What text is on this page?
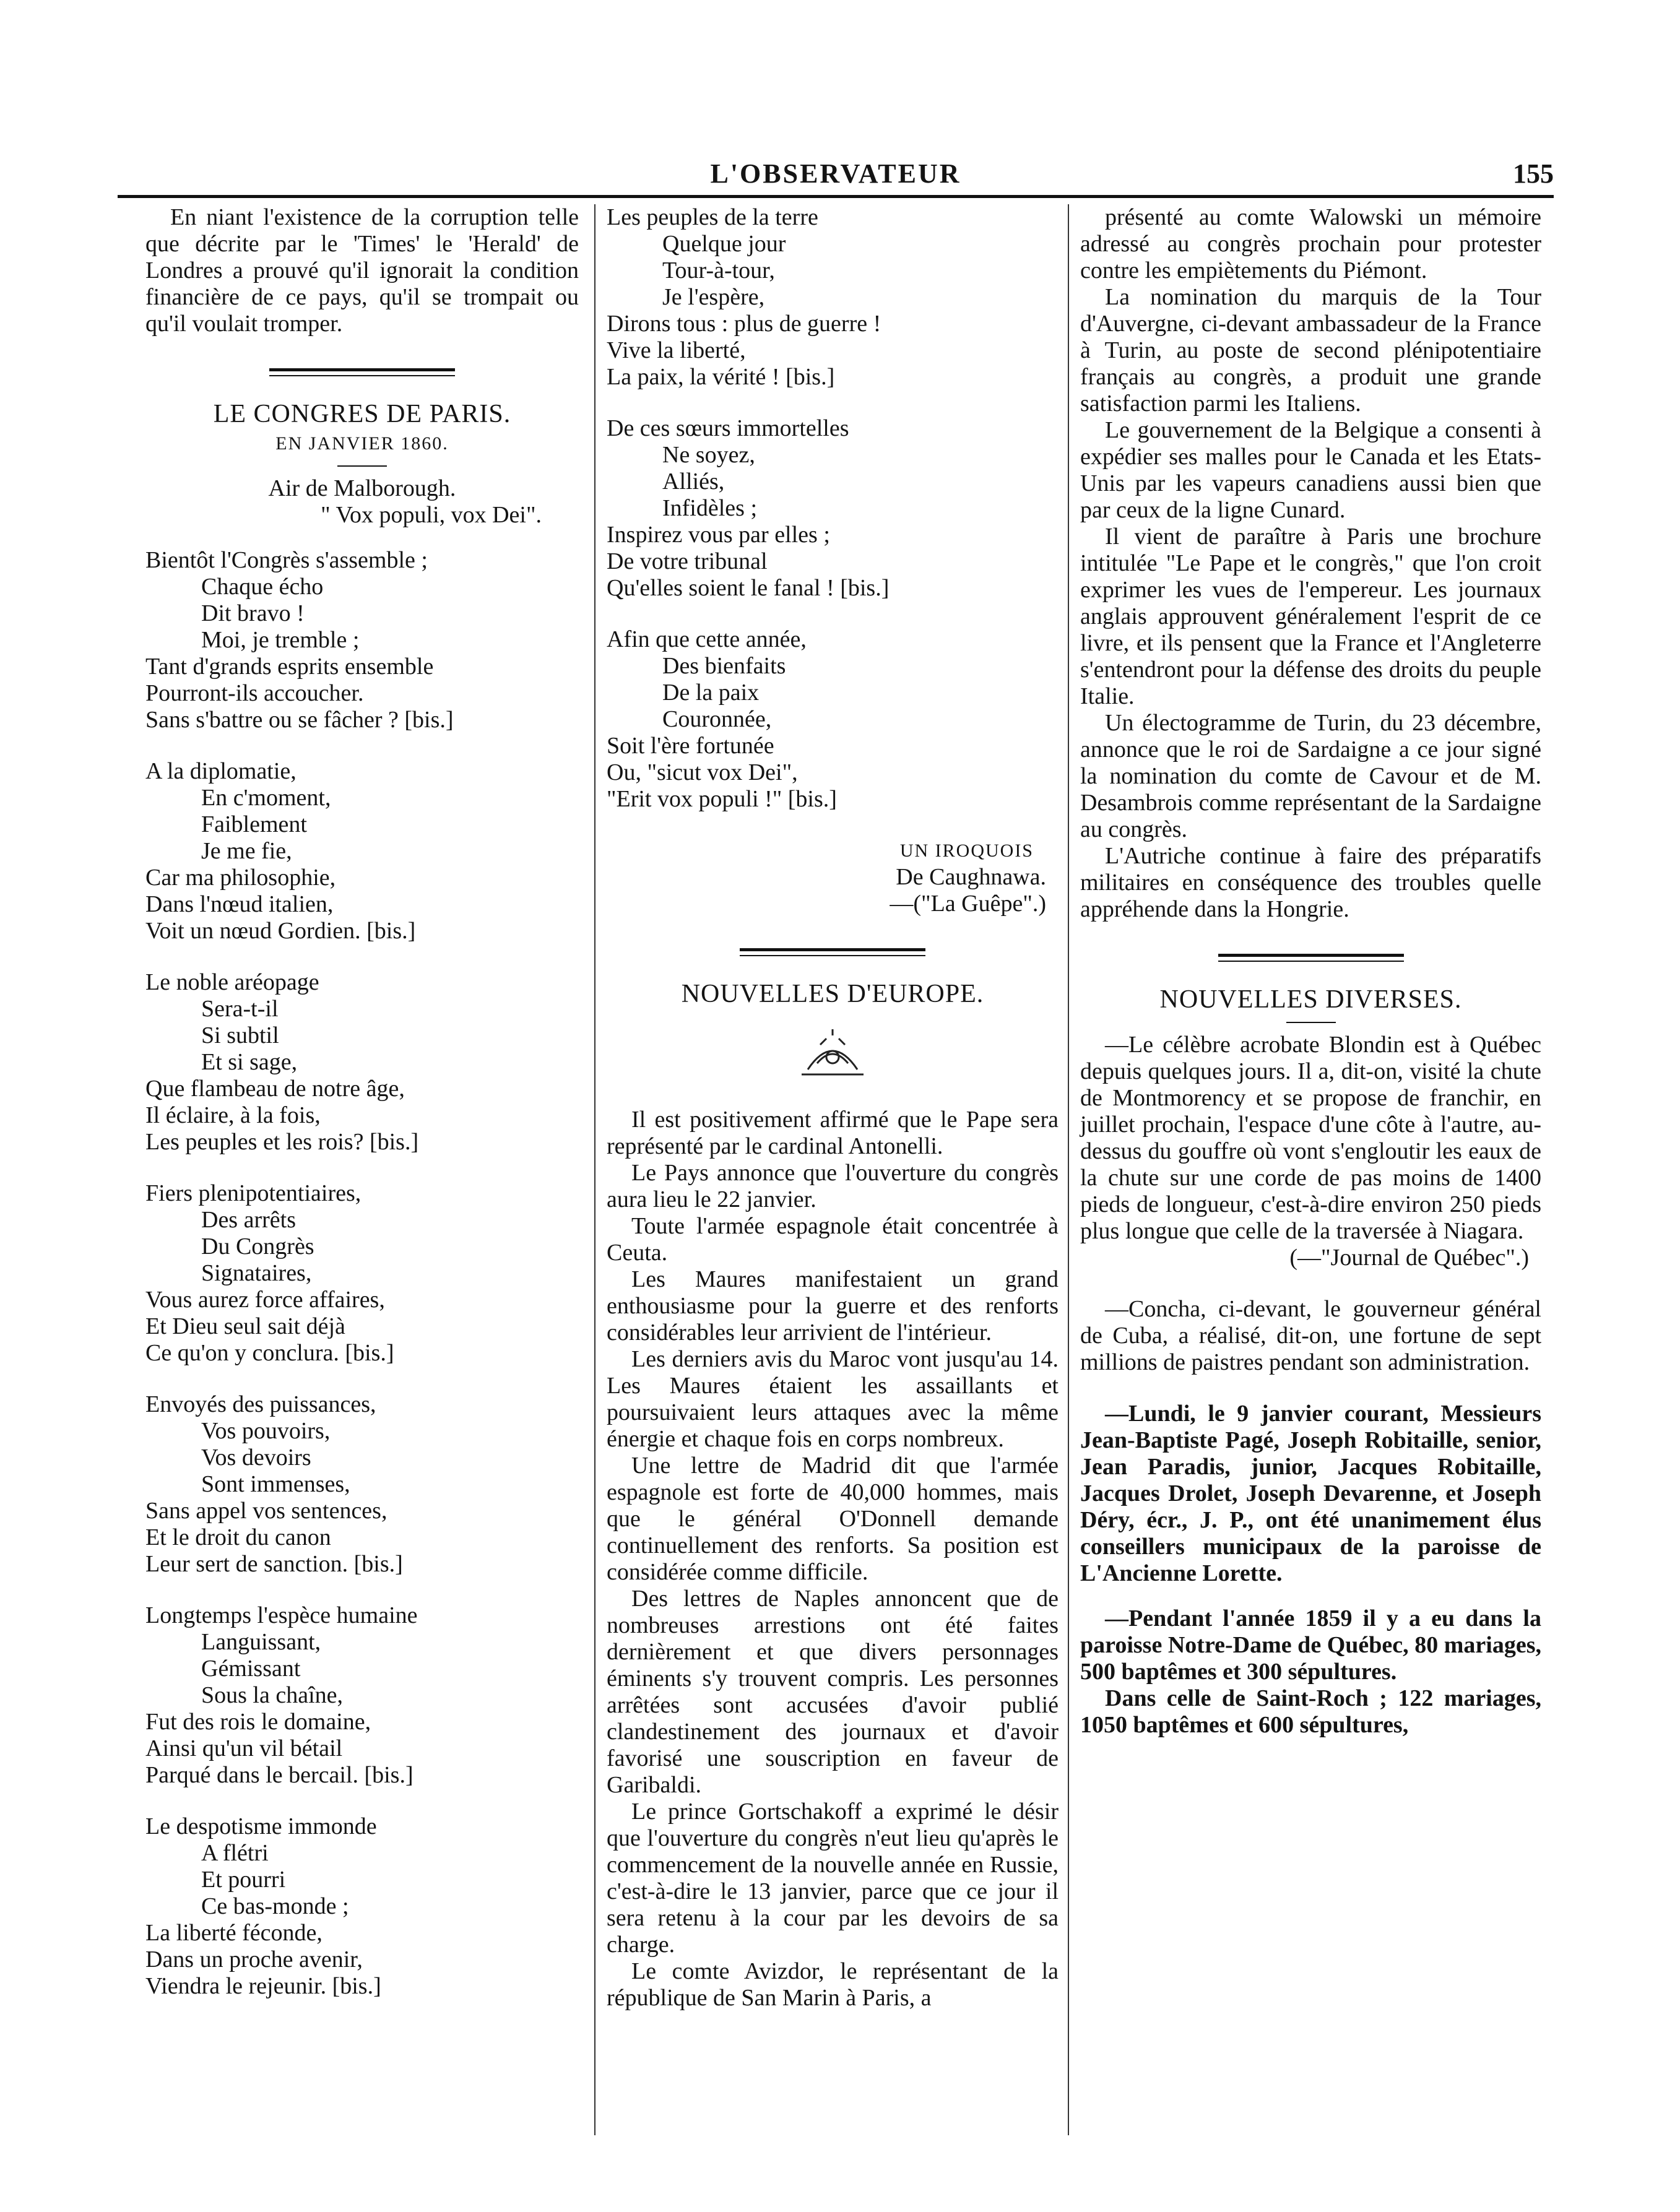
L'OBSERVATEUR	155

En niant l'existence de la corruption telle que décrite par le 'Times' le 'Herald' de Londres a prouvé qu'il ignorait la condition financière de ce pays, qu'il se trompait ou qu'il voulait tromper.

LE CONGRES DE PARIS.
EN JANVIER 1860.
Air de Malborough.
" Vox populi, vox Dei".
Bientôt l'Congrès s'assemble ;
Chaque écho
Dit bravo !
Moi, je tremble ;
Tant d'grands esprits ensemble
Pourront-ils accoucher.
Sans s'battre ou se fâcher ? [bis.]
A la diplomatie,
En c'moment,
Faiblement
Je me fie,
Car ma philosophie,
Dans l'nœud italien,
Voit un nœud Gordien. [bis.]
Le noble aréopage
Sera-t-il
Si subtil
Et si sage,
Que flambeau de notre âge,
Il éclaire, à la fois,
Les peuples et les rois? [bis.]
Fiers plenipotentiaires,
Des arrêts
Du Congrès
Signataires,
Vous aurez force affaires,
Et Dieu seul sait déjà
Ce qu'on y conclura. [bis.]
Envoyés des puissances,
Vos pouvoirs,
Vos devoirs
Sont immenses,
Sans appel vos sentences,
Et le droit du canon
Leur sert de sanction. [bis.]
Longtemps l'espèce humaine
Languissant,
Gémissant
Sous la chaîne,
Fut des rois le domaine,
Ainsi qu'un vil bétail
Parqué dans le bercail. [bis.]
Le despotisme immonde
A flétri
Et pourri
Ce bas-monde ;
La liberté féconde,
Dans un proche avenir,
Viendra le rejeunir. [bis.]
Les peuples de la terre
Quelque jour
Tour-à-tour,
Je l'espère,
Dirons tous : plus de guerre !
Vive la liberté,
La paix, la vérité ! [bis.]
De ces sœurs immortelles
Ne soyez,
Alliés,
Infidèles ;
Inspirez vous par elles ;
De votre tribunal
Qu'elles soient le fanal ! [bis.]
Afin que cette année,
Des bienfaits
De la paix
Couronnée,
Soit l'ère fortunée
Ou, "sicut vox Dei",
"Erit vox populi !" [bis.]
UN IROQUOIS
De Caughnawa.
—("La Guêpe".)
NOUVELLES D'EUROPE.

Il est positivement affirmé que le Pape sera représenté par le cardinal Antonelli.

Le Pays annonce que l'ouverture du congrès aura lieu le 22 janvier.

Toute l'armée espagnole était concentrée à Ceuta.

Les Maures manifestaient un grand enthousiasme pour la guerre et des renforts considérables leur arrivient de l'intérieur.

Les derniers avis du Maroc vont jusqu'au 14. Les Maures étaient les assaillants et poursuivaient leurs attaques avec la même énergie et chaque fois en corps nombreux.

Une lettre de Madrid dit que l'armée espagnole est forte de 40,000 hommes, mais que le général O'Donnell demande continuellement des renforts. Sa position est considérée comme difficile.

Des lettres de Naples annoncent que de nombreuses arrestions ont été faites dernièrement et que divers personnages éminents s'y trouvent compris. Les personnes arrêtées sont accusées d'avoir publié clandestinement des journaux et d'avoir favorisé une souscription en faveur de Garibaldi.

Le prince Gortschakoff a exprimé le désir que l'ouverture du congrès n'eut lieu qu'après le commencement de la nouvelle année en Russie, c'est-à-dire le 13 janvier, parce que ce jour il sera retenu à la cour par les devoirs de sa charge.

Le comte Avizdor, le représentant de la république de San Marin à Paris, a

présenté au comte Walowski un mémoire adressé au congrès prochain pour protester contre les empiètements du Piémont.

La nomination du marquis de la Tour d'Auvergne, ci-devant ambassadeur de la France à Turin, au poste de second plénipotentiaire français au congrès, a produit une grande satisfaction parmi les Italiens.

Le gouvernement de la Belgique a consenti à expédier ses malles pour le Canada et les Etats-Unis par les vapeurs canadiens aussi bien que par ceux de la ligne Cunard.

Il vient de paraître à Paris une brochure intitulée "Le Pape et le congrès," que l'on croit exprimer les vues de l'empereur. Les journaux anglais approuvent généralement l'esprit de ce livre, et ils pensent que la France et l'Angleterre s'entendront pour la défense des droits du peuple Italie.

Un électogramme de Turin, du 23 décembre, annonce que le roi de Sardaigne a ce jour signé la nomination du comte de Cavour et de M. Desambrois comme représentant de la Sardaigne au congrès.

L'Autriche continue à faire des préparatifs militaires en conséquence des troubles quelle appréhende dans la Hongrie.

NOUVELLES DIVERSES.

—Le célèbre acrobate Blondin est à Québec depuis quelques jours. Il a, dit-on, visité la chute de Montmorency et se propose de franchir, en juillet prochain, l'espace d'une côte à l'autre, au-dessus du gouffre où vont s'engloutir les eaux de la chute sur une corde de pas moins de 1400 pieds de longueur, c'est-à-dire environ 250 pieds plus longue que celle de la traversée à Niagara.

(—"Journal de Québec".)

—Concha, ci-devant, le gouverneur général de Cuba, a réalisé, dit-on, une fortune de sept millions de paistres pendant son administration.

—Lundi, le 9 janvier courant, Messieurs Jean-Baptiste Pagé, Joseph Robitaille, senior, Jean Paradis, junior, Jacques Robitaille, Jacques Drolet, Joseph Devarenne, et Joseph Déry, écr., J. P., ont été unanimement élus conseillers municipaux de la paroisse de L'Ancienne Lorette.

—Pendant l'année 1859 il y a eu dans la paroisse Notre-Dame de Québec, 80 mariages, 500 baptêmes et 300 sépultures.

Dans celle de Saint-Roch ; 122 mariages, 1050 baptêmes et 600 sépultures,
